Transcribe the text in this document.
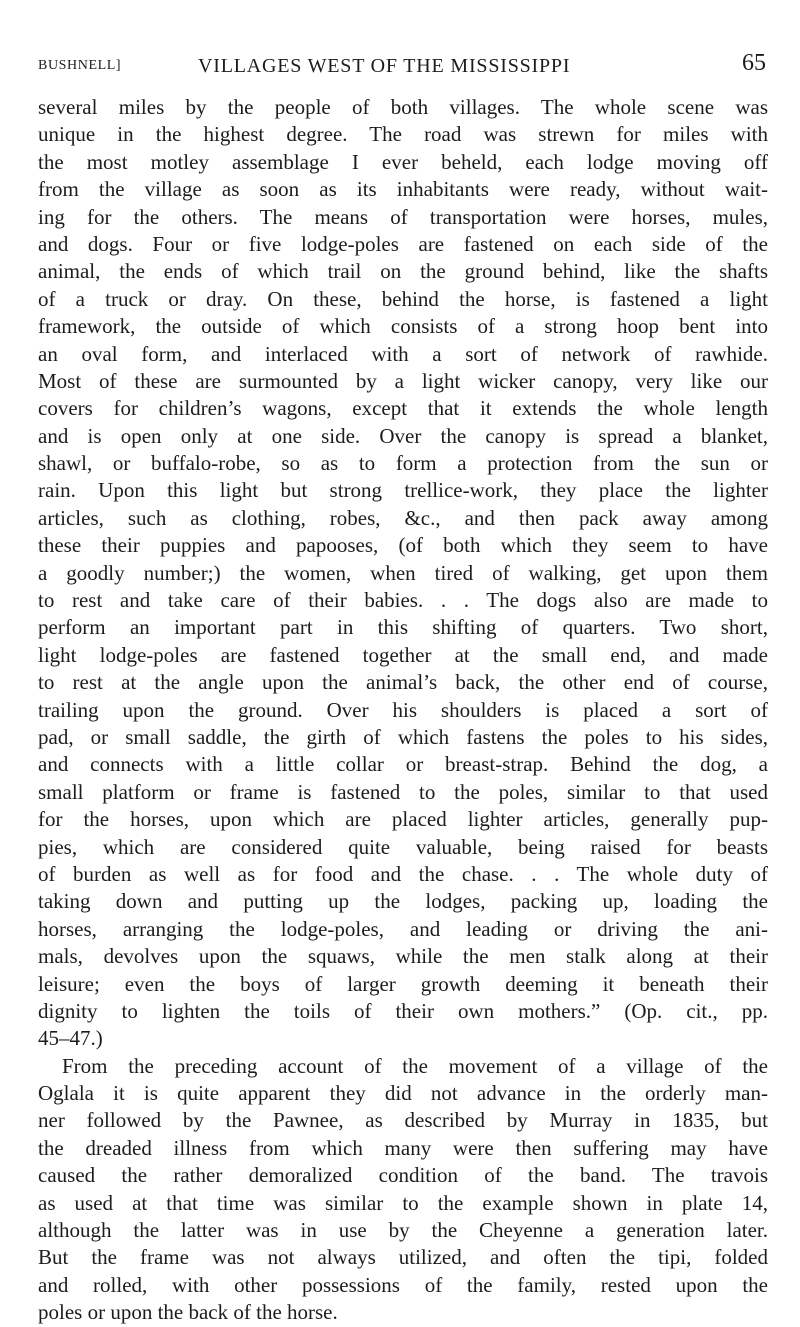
BUSHNELL]	VILLAGES WEST OF THE MISSISSIPPI	65
several miles by the people of both villages. The whole scene was
unique in the highest degree. The road was strewn for miles with
the most motley assemblage I ever beheld, each lodge moving off
from the village as soon as its inhabitants were ready, without wait-
ing for the others. The means of transportation were horses, mules,
and dogs. Four or five lodge-poles are fastened on each side of the
animal, the ends of which trail on the ground behind, like the shafts
of a truck or dray. On these, behind the horse, is fastened a light
framework, the outside of which consists of a strong hoop bent into
an oval form, and interlaced with a sort of network of rawhide.
Most of these are surmounted by a light wicker canopy, very like our
covers for children’s wagons, except that it extends the whole length
and is open only at one side. Over the canopy is spread a blanket,
shawl, or buffalo-robe, so as to form a protection from the sun or
rain. Upon this light but strong trellice-work, they place the lighter
articles, such as clothing, robes, &c., and then pack away among
these their puppies and papooses, (of both which they seem to have
a goodly number;) the women, when tired of walking, get upon them
to rest and take care of their babies. . . The dogs also are made to
perform an important part in this shifting of quarters. Two short,
light lodge-poles are fastened together at the small end, and made
to rest at the angle upon the animal’s back, the other end of course,
trailing upon the ground. Over his shoulders is placed a sort of
pad, or small saddle, the girth of which fastens the poles to his sides,
and connects with a little collar or breast-strap. Behind the dog, a
small platform or frame is fastened to the poles, similar to that used
for the horses, upon which are placed lighter articles, generally pup-
pies, which are considered quite valuable, being raised for beasts
of burden as well as for food and the chase. . . The whole duty of
taking down and putting up the lodges, packing up, loading the
horses, arranging the lodge-poles, and leading or driving the ani-
mals, devolves upon the squaws, while the men stalk along at their
leisure; even the boys of larger growth deeming it beneath their
dignity to lighten the toils of their own mothers.” (Op. cit., pp.
45–47.)
From the preceding account of the movement of a village of the
Oglala it is quite apparent they did not advance in the orderly man-
ner followed by the Pawnee, as described by Murray in 1835, but
the dreaded illness from which many were then suffering may have
caused the rather demoralized condition of the band. The travois
as used at that time was similar to the example shown in plate 14,
although the latter was in use by the Cheyenne a generation later.
But the frame was not always utilized, and often the tipi, folded
and rolled, with other possessions of the family, rested upon the
poles or upon the back of the horse.
